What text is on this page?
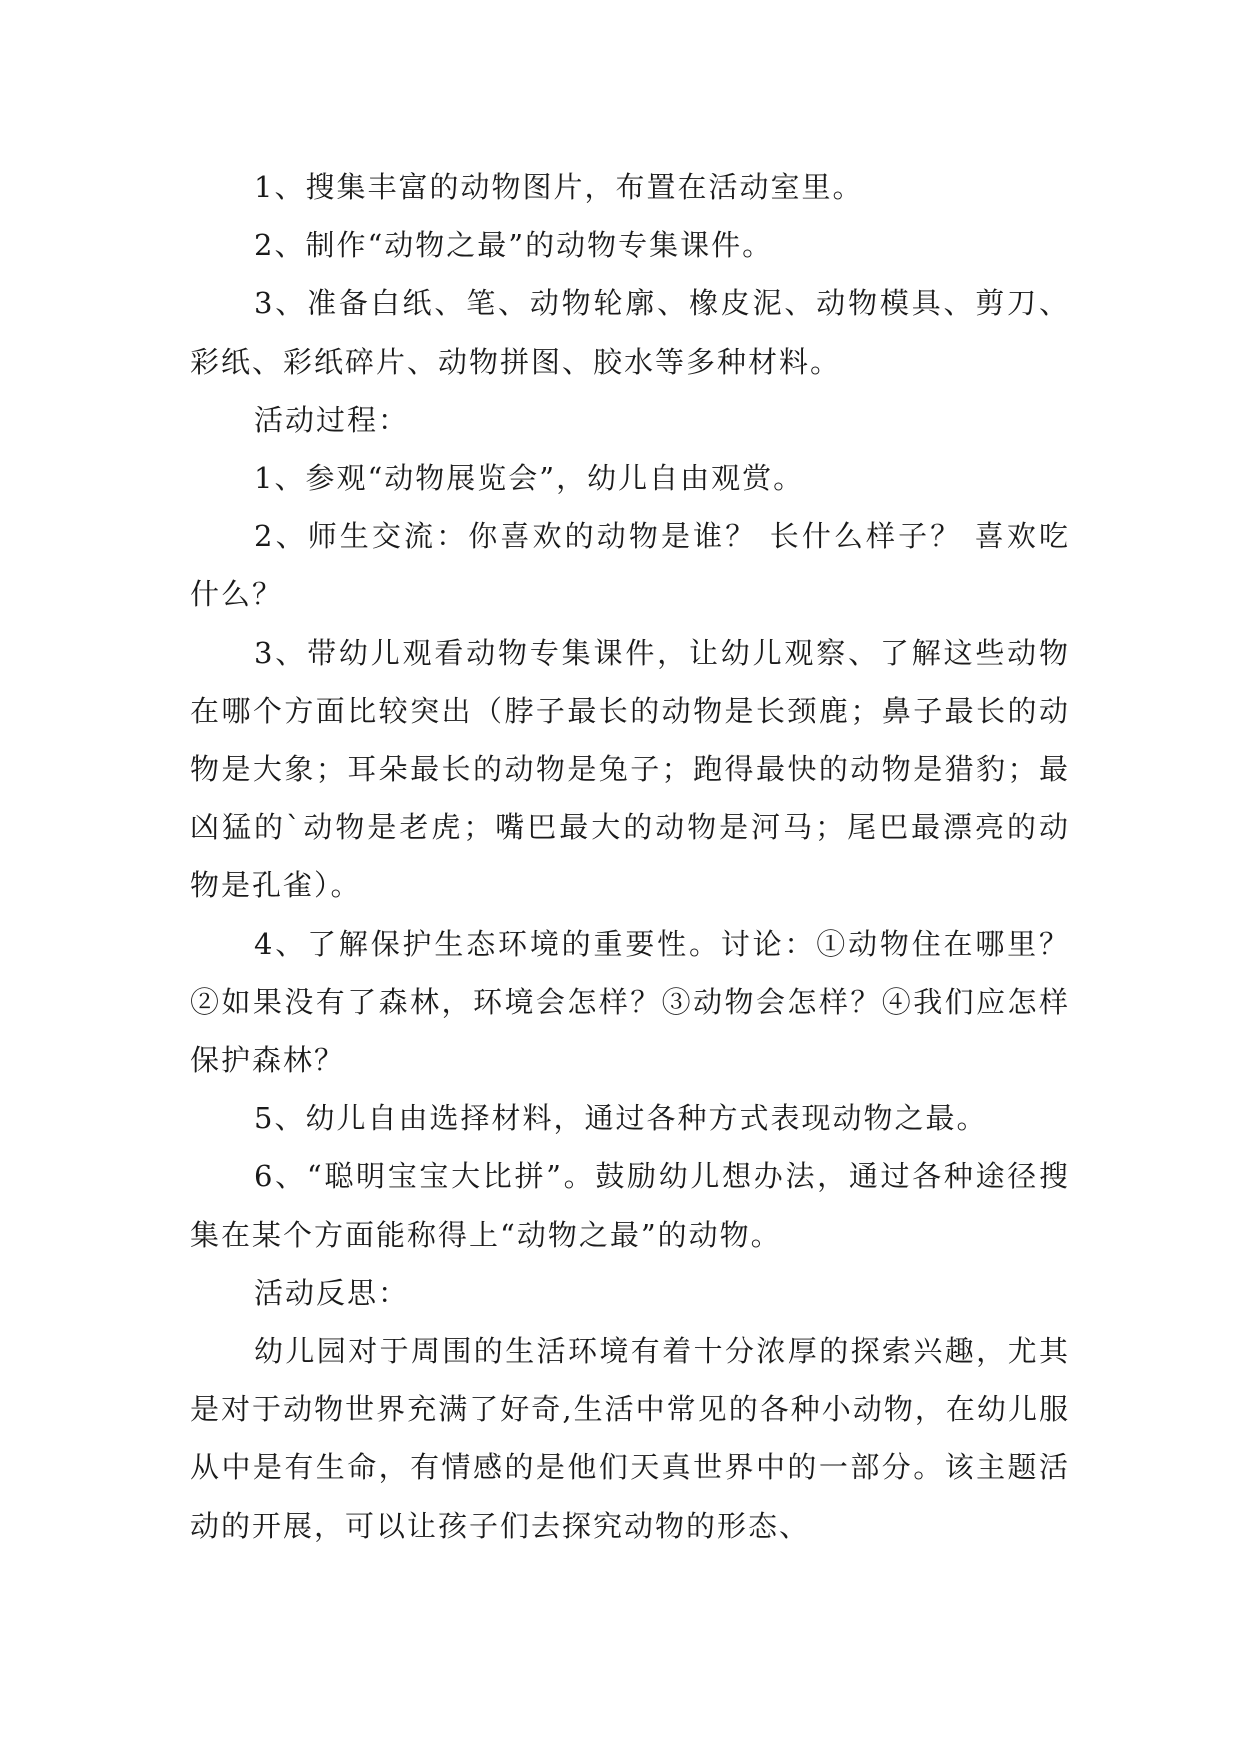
1、搜集丰富的动物图片，布置在活动室里。

2、制作“动物之最”的动物专集课件。

3、准备白纸、笔、动物轮廓、橡皮泥、动物模具、剪刀、彩纸、彩纸碎片、动物拼图、胶水等多种材料。

活动过程：

1、参观“动物展览会”，幼儿自由观赏。

2、师生交流：你喜欢的动物是谁？ 长什么样子？ 喜欢吃什么？

3、带幼儿观看动物专集课件，让幼儿观察、了解这些动物在哪个方面比较突出（脖子最长的动物是长颈鹿；鼻子最长的动物是大象；耳朵最长的动物是兔子；跑得最快的动物是猎豹；最凶猛的`动物是老虎；嘴巴最大的动物是河马；尾巴最漂亮的动物是孔雀）。

4、了解保护生态环境的重要性。讨论：①动物住在哪里？②如果没有了森林，环境会怎样？③动物会怎样？④我们应怎样保护森林？

5、幼儿自由选择材料，通过各种方式表现动物之最。

6、“聪明宝宝大比拼”。鼓励幼儿想办法，通过各种途径搜集在某个方面能称得上“动物之最”的动物。

活动反思：

幼儿园对于周围的生活环境有着十分浓厚的探索兴趣，尤其是对于动物世界充满了好奇,生活中常见的各种小动物，在幼儿服从中是有生命，有情感的是他们天真世界中的一部分。该主题活动的开展，可以让孩子们去探究动物的形态、
